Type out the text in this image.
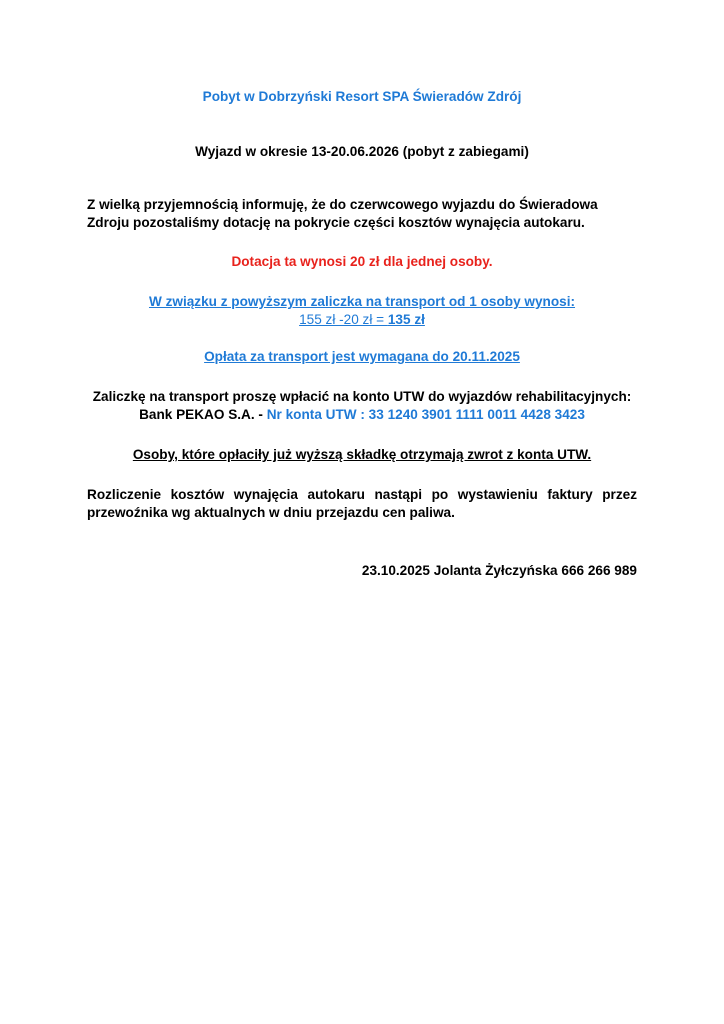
Pobyt w Dobrzyński Resort SPA Świeradów Zdrój
Wyjazd w okresie 13-20.06.2026 (pobyt z zabiegami)
Z wielką przyjemnością informuję, że do czerwcowego wyjazdu do Świeradowa
Zdroju pozostaliśmy dotację na pokrycie części kosztów wynajęcia autokaru.
Dotacja ta wynosi 20 zł dla jednej osoby.
W związku z powyższym zaliczka na transport od 1 osoby wynosi:
155 zł -20 zł = 135 zł
Opłata za transport jest wymagana do 20.11.2025
Zaliczkę na transport proszę wpłacić na konto UTW do wyjazdów rehabilitacyjnych:
Bank PEKAO S.A. - Nr konta UTW : 33 1240 3901 1111 0011 4428 3423
Osoby, które opłaciły już wyższą składkę otrzymają zwrot z konta UTW.
Rozliczenie kosztów wynajęcia autokaru nastąpi po wystawieniu faktury przez
przewoźnika wg aktualnych w dniu przejazdu cen paliwa.
23.10.2025 Jolanta Żyłczyńska 666 266 989
